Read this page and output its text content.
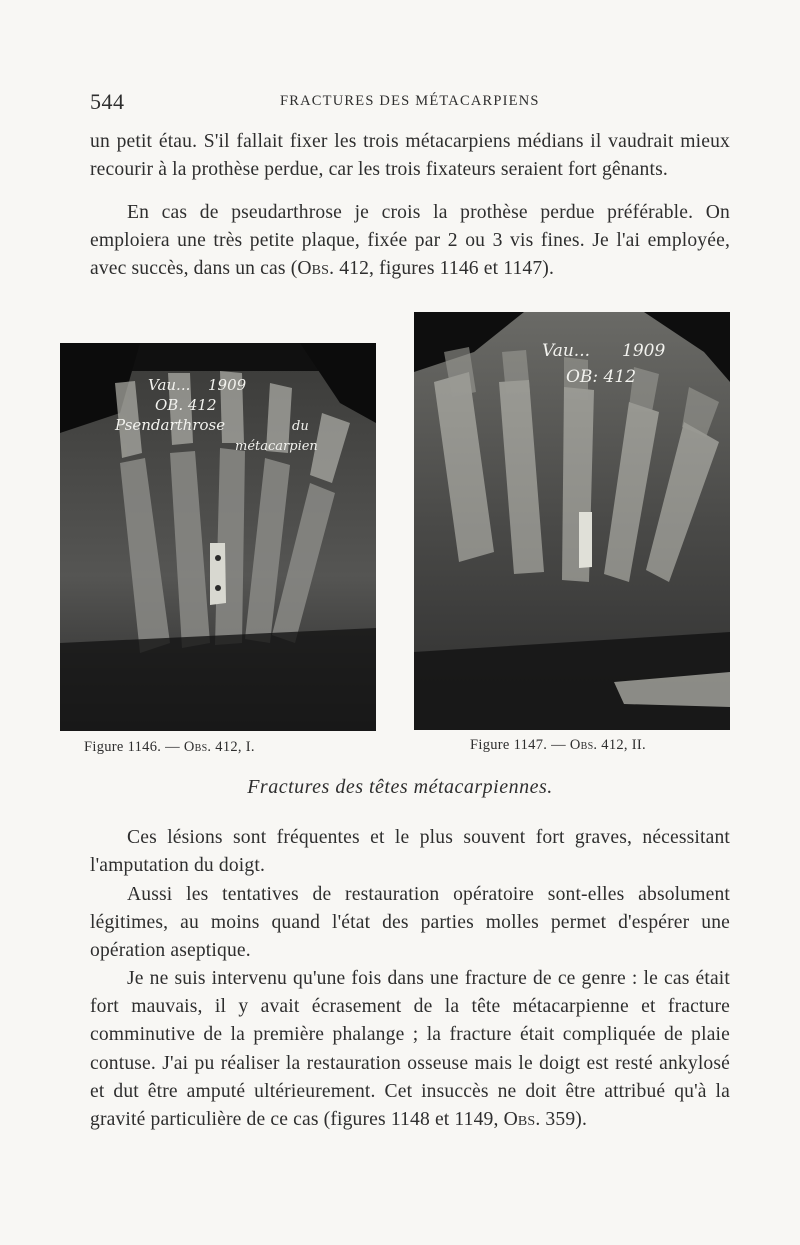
544	FRACTURES DES MÉTACARPIENS

un petit étau. S'il fallait fixer les trois métacarpiens médians il vaudrait mieux recourir à la prothèse perdue, car les trois fixateurs seraient fort gênants.

En cas de pseudarthrose je crois la prothèse perdue préférable. On emploiera une très petite plaque, fixée par 2 ou 3 vis fines. Je l'ai employée, avec succès, dans un cas (Obs. 412, figures 1146 et 1147).

Vau... 1909
OB. 412
Psendarthrose	du
métacarpien
Vau... 1909
OB: 412
Figure 1146. — Obs. 412, I.	Figure 1147. — Obs. 412, II.
Fractures des têtes métacarpiennes.

Ces lésions sont fréquentes et le plus souvent fort graves, nécessitant l'amputation du doigt.

Aussi les tentatives de restauration opératoire sont-elles absolument légitimes, au moins quand l'état des parties molles permet d'espérer une opération aseptique.

Je ne suis intervenu qu'une fois dans une fracture de ce genre : le cas était fort mauvais, il y avait écrasement de la tête métacarpienne et fracture comminutive de la première phalange ; la fracture était compliquée de plaie contuse. J'ai pu réaliser la restauration osseuse mais le doigt est resté ankylosé et dut être amputé ultérieurement. Cet insuccès ne doit être attribué qu'à la gravité particulière de ce cas (figures 1148 et 1149, Obs. 359).
